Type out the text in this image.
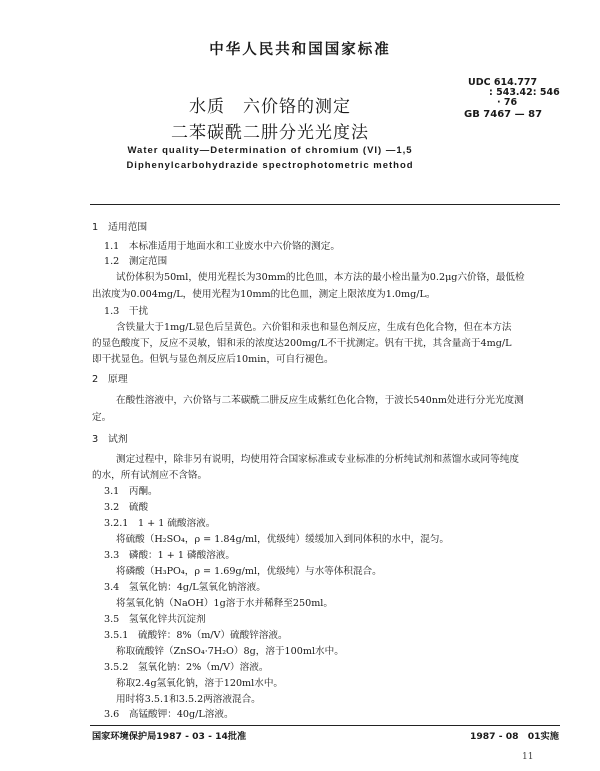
中华人民共和国国家标准
UDC 614.777
: 543.42: 546
· 76
GB 7467 — 87
水质　六价铬的测定
二苯碳酰二肼分光光度法
Water quality—Determination of chromium (VI) —1,5
Diphenylcarbohydrazide spectrophotometric method
1　适用范围
1.1　本标准适用于地面水和工业废水中六价铬的测定。
1.2　测定范围
试份体积为50ml，使用光程长为30mm的比色皿，本方法的最小检出量为0.2μg六价铬，最低检
出浓度为0.004mg/L，使用光程为10mm的比色皿，测定上限浓度为1.0mg/L。
1.3　干扰
含铁量大于1mg/L显色后呈黄色。六价钼和汞也和显色剂反应，生成有色化合物，但在本方法
的显色酸度下，反应不灵敏，钼和汞的浓度达200mg/L不干扰测定。钒有干扰，其含量高于4mg/L
即干扰显色。但钒与显色剂反应后10min，可自行褪色。
2　原理
在酸性溶液中，六价铬与二苯碳酰二肼反应生成紫红色化合物，于波长540nm处进行分光光度测
定。
3　试剂
测定过程中，除非另有说明，均使用符合国家标准或专业标准的分析纯试剂和蒸馏水或同等纯度
的水，所有试剂应不含铬。
3.1　丙酮。
3.2　硫酸
3.2.1　1 + 1 硫酸溶液。
将硫酸（H₂SO₄，ρ = 1.84g/ml，优级纯）缓缓加入到同体积的水中，混匀。
3.3　磷酸：1 + 1 磷酸溶液。
将磷酸（H₃PO₄，ρ = 1.69g/ml，优级纯）与水等体积混合。
3.4　氢氧化钠：4g/L氢氧化钠溶液。
将氢氧化钠（NaOH）1g溶于水并稀释至250ml。
3.5　氢氧化锌共沉淀剂
3.5.1　硫酸锌：8%（m/V）硫酸锌溶液。
称取硫酸锌（ZnSO₄·7H₂O）8g，溶于100ml水中。
3.5.2　氢氧化钠：2%（m/V）溶液。
称取2.4g氢氧化钠，溶于120ml水中。
用时将3.5.1和3.5.2两溶液混合。
3.6　高锰酸钾：40g/L溶液。
国家环境保护局1987 - 03 - 14批准	1987 - 08　01实施
11
